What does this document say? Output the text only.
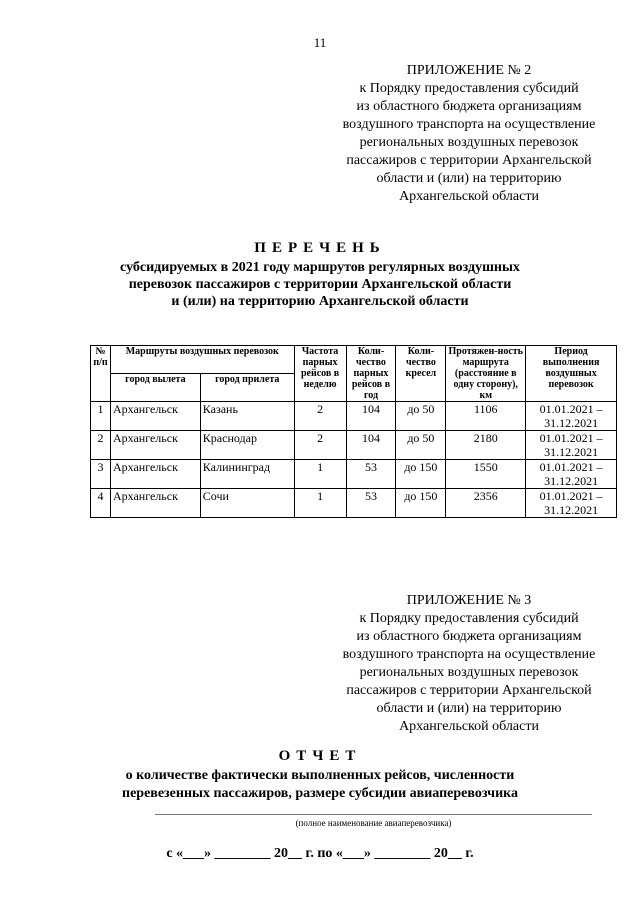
11
ПРИЛОЖЕНИЕ № 2
к Порядку предоставления субсидий
из областного бюджета организациям
воздушного транспорта на осуществление
региональных воздушных перевозок
пассажиров с территории Архангельской
области и (или) на территорию
Архангельской области
ПЕРЕЧЕНЬ
субсидируемых в 2021 году маршрутов регулярных воздушных
перевозок пассажиров с территории Архангельской области
и (или) на территорию Архангельской области
№ п/п	Маршруты воздушных перевозок		Частота парных рейсов в неделю	Коли-чество парных рейсов в год	Коли-чество кресел	Протяжен-ность маршрута (расстояние в одну сторону), км	Период выполнения воздушных перевозок
	город вылета	город прилета					
1	Архангельск	Казань	2	104	до 50	1106	01.01.2021 –
31.12.2021

2	Архангельск	Краснодар	2	104	до 50	2180	01.01.2021 –
31.12.2021

3	Архангельск	Калининград	1	53	до 150	1550	01.01.2021 –
31.12.2021

4	Архангельск	Сочи	1	53	до 150	2356	01.01.2021 –
31.12.2021
ПРИЛОЖЕНИЕ № 3
к Порядку предоставления субсидий
из областного бюджета организациям
воздушного транспорта на осуществление
региональных воздушных перевозок
пассажиров с территории Архангельской
области и (или) на территорию
Архангельской области
ОТЧЕТ
о количестве фактически выполненных рейсов, численности
перевезенных пассажиров, размере субсидии авиаперевозчика
(полное наименование авиаперевозчика)
с «___» ________ 20__ г. по «___» ________ 20__ г.
